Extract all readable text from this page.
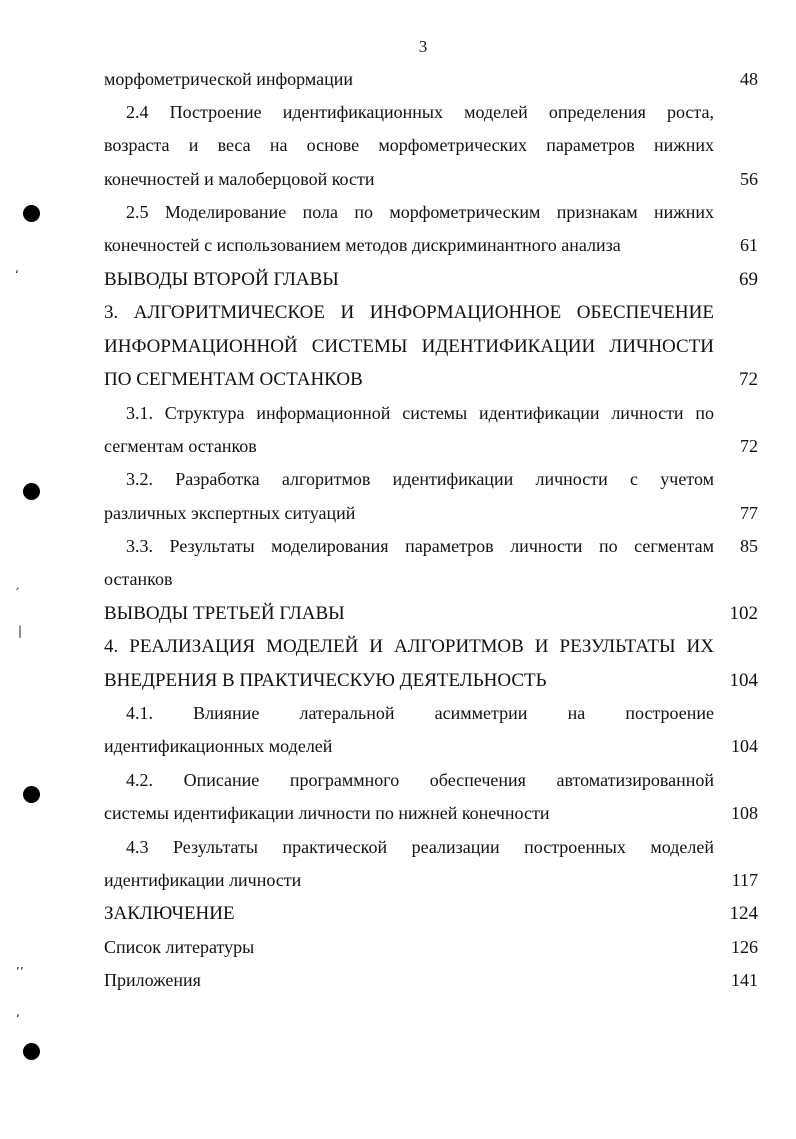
3
‘
ˏ
|
’’
‘
морфометрической информации	48
2.4 Построение идентификационных моделей определения роста,
возраста и веса на основе морфометрических параметров нижних
конечностей и малоберцовой кости	56
2.5 Моделирование пола по морфометрическим признакам нижних
конечностей с использованием методов дискриминантного анализа	61
ВЫВОДЫ ВТОРОЙ ГЛАВЫ	69
3. АЛГОРИТМИЧЕСКОЕ И ИНФОРМАЦИОННОЕ ОБЕСПЕЧЕНИЕ
ИНФОРМАЦИОННОЙ СИСТЕМЫ ИДЕНТИФИКАЦИИ ЛИЧНОСТИ
ПО СЕГМЕНТАМ ОСТАНКОВ	72
3.1. Структура информационной системы идентификации личности по
сегментам останков	72
3.2. Разработка алгоритмов идентификации личности с учетом
различных экспертных ситуаций	77
3.3. Результаты моделирования параметров личности по сегментам	85
останков
ВЫВОДЫ ТРЕТЬЕЙ ГЛАВЫ	102
4. РЕАЛИЗАЦИЯ МОДЕЛЕЙ И АЛГОРИТМОВ И РЕЗУЛЬТАТЫ ИХ
ВНЕДРЕНИЯ В ПРАКТИЧЕСКУЮ ДЕЯТЕЛЬНОСТЬ	104
4.1. Влияние латеральной асимметрии на построение
идентификационных моделей	104
4.2. Описание программного обеспечения автоматизированной
системы идентификации личности по нижней конечности	108
4.3 Результаты практической реализации построенных моделей
идентификации личности	117
ЗАКЛЮЧЕНИЕ	124
Список литературы	126
Приложения	141
